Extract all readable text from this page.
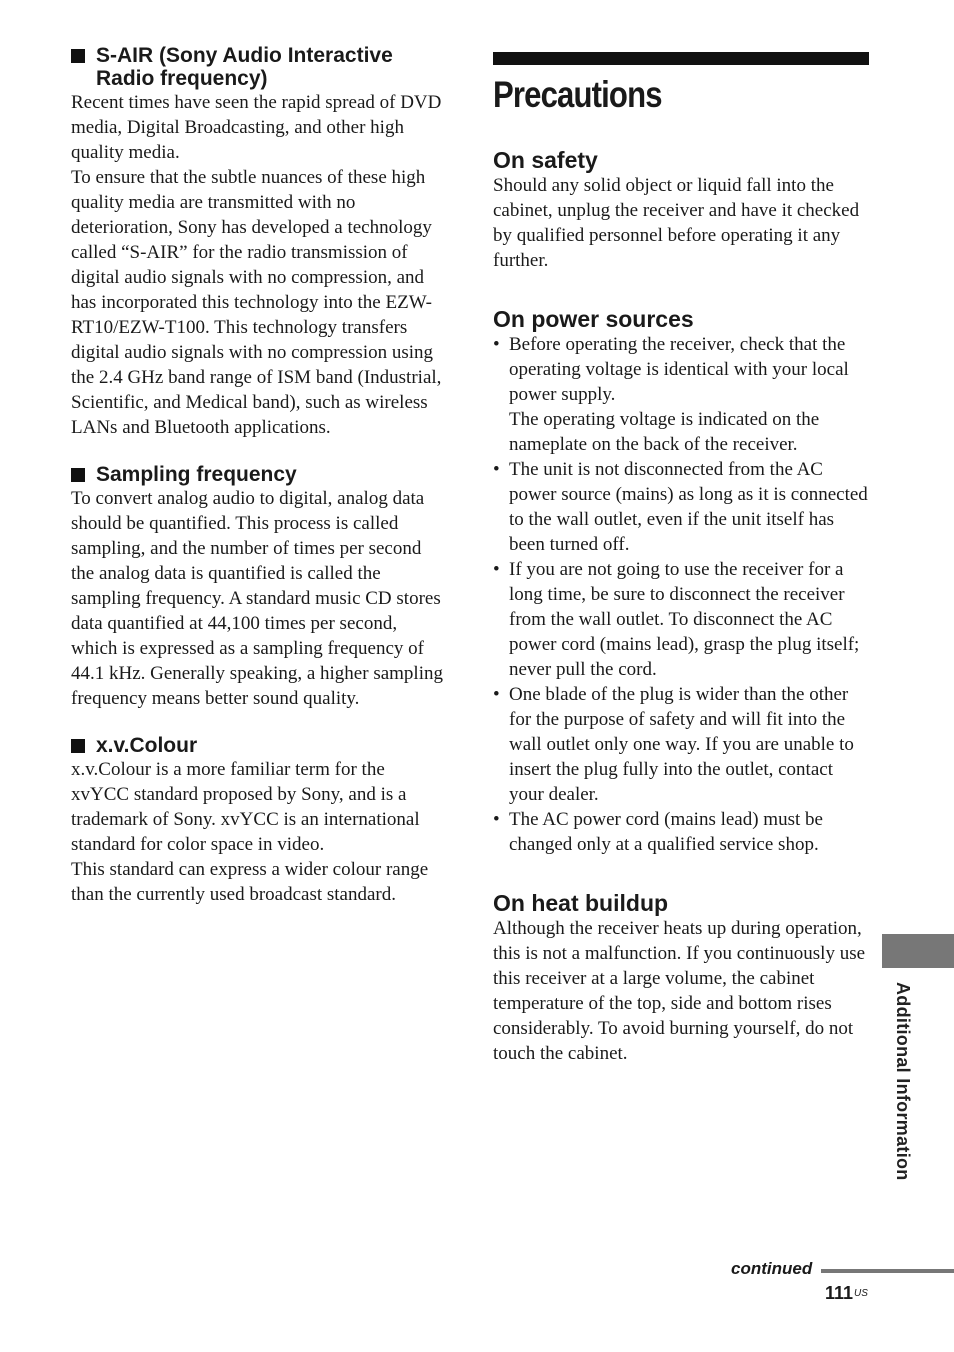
S-AIR (Sony Audio Interactive
Radio frequency)

Recent times have seen the rapid spread of DVD media, Digital Broadcasting, and other high quality media.

To ensure that the subtle nuances of these high quality media are transmitted with no deterioration, Sony has developed a technology called “S-AIR” for the radio transmission of digital audio signals with no compression, and has incorporated this technology into the EZW-RT10/EZW-T100. This technology transfers digital audio signals with no compression using the 2.4 GHz band range of ISM band (Industrial, Scientific, and Medical band), such as wireless LANs and Bluetooth applications.

Sampling frequency

To convert analog audio to digital, analog data should be quantified. This process is called sampling, and the number of times per second the analog data is quantified is called the sampling frequency. A standard music CD stores data quantified at 44,100 times per second, which is expressed as a sampling frequency of 44.1 kHz. Generally speaking, a higher sampling frequency means better sound quality.

x.v.Colour

x.v.Colour is a more familiar term for the xvYCC standard proposed by Sony, and is a trademark of Sony. xvYCC is an international standard for color space in video.

This standard can express a wider colour range than the currently used broadcast standard.

Precautions
On safety
Should any solid object or liquid fall into the cabinet, unplug the receiver and have it checked by qualified personnel before operating it any further.
On power sources
• Before operating the receiver, check that the operating voltage is identical with your local power supply.
The operating voltage is indicated on the nameplate on the back of the receiver.
• The unit is not disconnected from the AC power source (mains) as long as it is connected to the wall outlet, even if the unit itself has been turned off.
• If you are not going to use the receiver for a long time, be sure to disconnect the receiver from the wall outlet. To disconnect the AC power cord (mains lead), grasp the plug itself; never pull the cord.
• One blade of the plug is wider than the other for the purpose of safety and will fit into the wall outlet only one way. If you are unable to insert the plug fully into the outlet, contact your dealer.
• The AC power cord (mains lead) must be changed only at a qualified service shop.
On heat buildup
Although the receiver heats up during operation, this is not a malfunction. If you continuously use this receiver at a large volume, the cabinet temperature of the top, side and bottom rises considerably. To avoid burning yourself, do not touch the cabinet.	Additional Information
continued
$111^{US}$
